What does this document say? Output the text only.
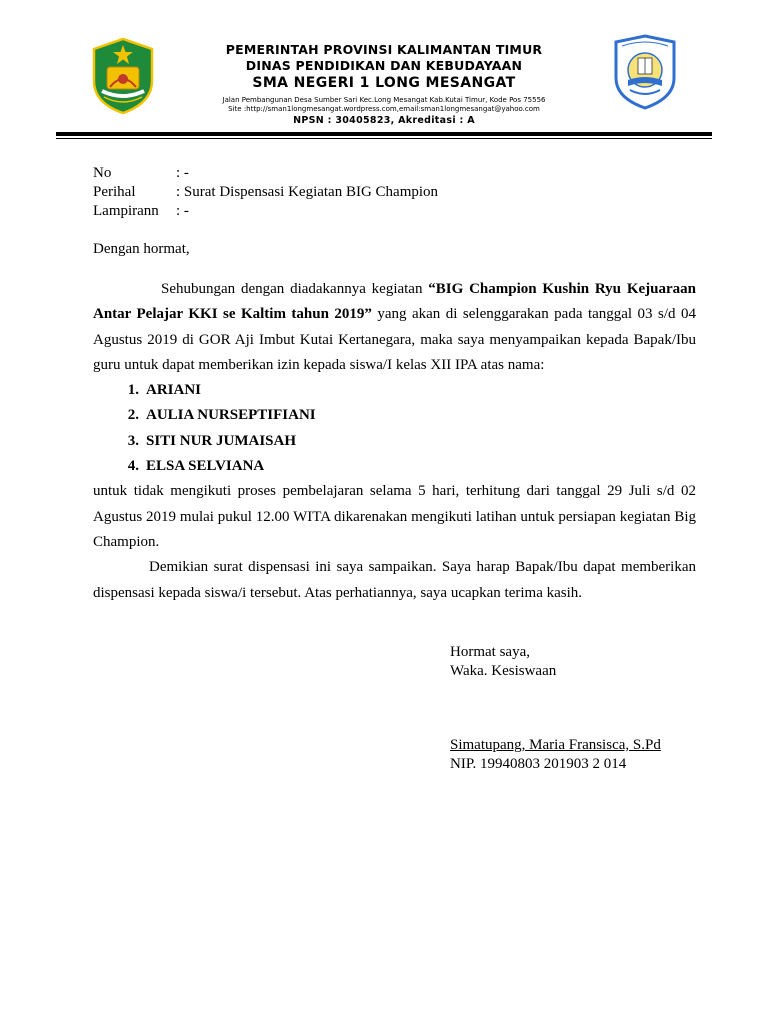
PEMERINTAH PROVINSI KALIMANTAN TIMUR
DINAS PENDIDIKAN DAN KEBUDAYAAN
SMA NEGERI 1 LONG MESANGAT
Jalan Pembangunan Desa Sumber Sari Kec.Long Mesangat Kab.Kutai Timur, Kode Pos 75556
Site :http://sman1longmesangat.wordpress.com,email:sman1longmesangat@yahoo.com
NPSN : 30405823, Akreditasi : A
No	: -
Perihal	: Surat Dispensasi Kegiatan BIG Champion
Lampirann	: -
Dengan hormat,

Sehubungan dengan diadakannya kegiatan “BIG Champion Kushin Ryu Kejuaraan Antar Pelajar KKI se Kaltim tahun 2019” yang akan di selenggarakan pada tanggal 03 s/d 04 Agustus 2019 di GOR Aji Imbut Kutai Kertanegara, maka saya menyampaikan kepada Bapak/Ibu guru untuk dapat memberikan izin kepada siswa/I kelas XII IPA atas nama:

1. ARIANI
2. AULIA NURSEPTIFIANI
3. SITI NUR JUMAISAH
4. ELSA SELVIANA

untuk tidak mengikuti proses pembelajaran selama 5 hari, terhitung dari tanggal 29 Juli s/d 02 Agustus 2019 mulai pukul 12.00 WITA dikarenakan mengikuti latihan untuk persiapan kegiatan Big Champion.

Demikian surat dispensasi ini saya sampaikan. Saya harap Bapak/Ibu dapat memberikan dispensasi kepada siswa/i tersebut. Atas perhatiannya, saya ucapkan terima kasih.

Hormat saya,
Waka. Kesiswaan
Simatupang, Maria Fransisca, S.Pd
NIP. 19940803 201903 2 014
